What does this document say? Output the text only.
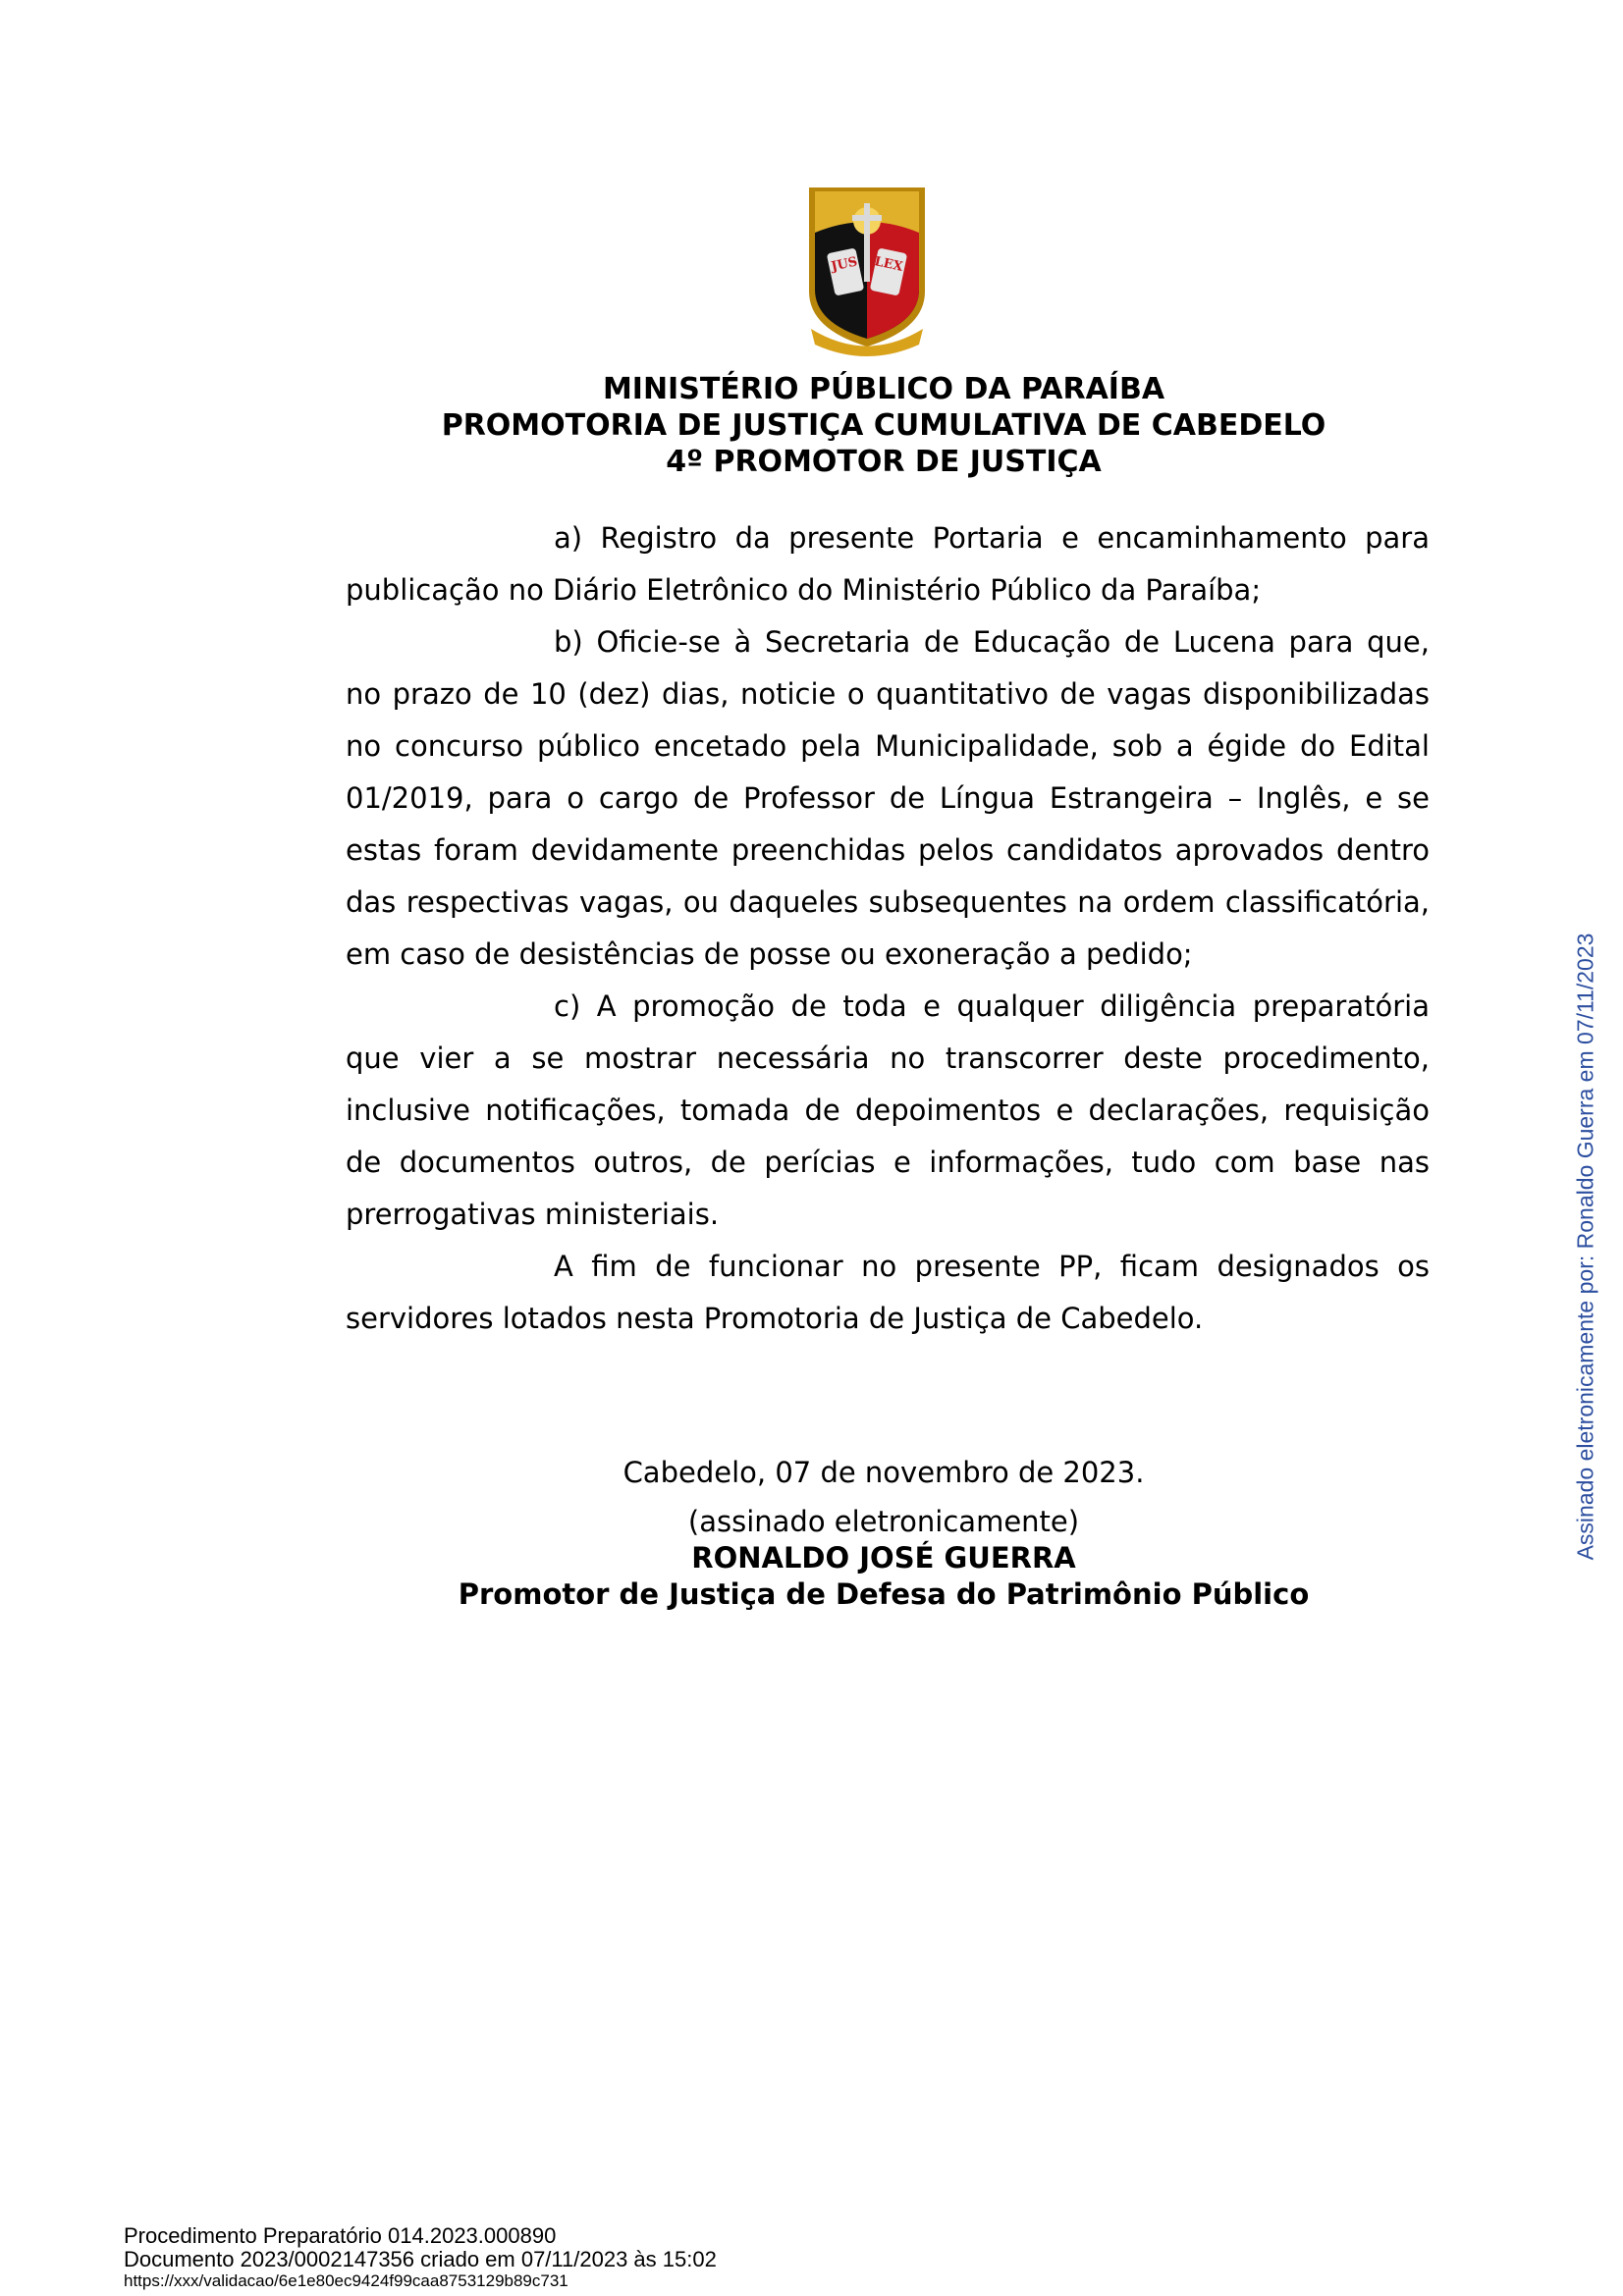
JUS	LEX
MINISTÉRIO PÚBLICO DA PARAÍBA
PROMOTORIA DE JUSTIÇA CUMULATIVA DE CABEDELO
4º PROMOTOR DE JUSTIÇA

a) Registro da presente Portaria e encaminhamento para publicação no Diário Eletrônico do Ministério Público da Paraíba;

b) Oficie-se à Secretaria de Educação de Lucena para que, no prazo de 10 (dez) dias, noticie o quantitativo de vagas disponibilizadas no concurso público encetado pela Municipalidade, sob a égide do Edital 01/2019, para o cargo de Professor de Língua Estrangeira – Inglês, e se estas foram devidamente preenchidas pelos candidatos aprovados dentro das respectivas vagas, ou daqueles subsequentes na ordem classificatória, em caso de desistências de posse ou exoneração a pedido;

c) A promoção de toda e qualquer diligência preparatória que vier a se mostrar necessária no transcorrer deste procedimento, inclusive notificações, tomada de depoimentos e declarações, requisição de documentos outros, de perícias e informações, tudo com base nas prerrogativas ministeriais.

A fim de funcionar no presente PP, ficam designados os servidores lotados nesta Promotoria de Justiça de Cabedelo.

Cabedelo, 07 de novembro de 2023.
(assinado eletronicamente)
RONALDO JOSÉ GUERRA
Promotor de Justiça de Defesa do Patrimônio Público
Assinado eletronicamente por: Ronaldo Guerra em 07/11/2023
Procedimento Preparatório 014.2023.000890
Documento 2023/0002147356 criado em 07/11/2023 às 15:02
https://xxx/validacao/6e1e80ec9424f99caa8753129b89c731
